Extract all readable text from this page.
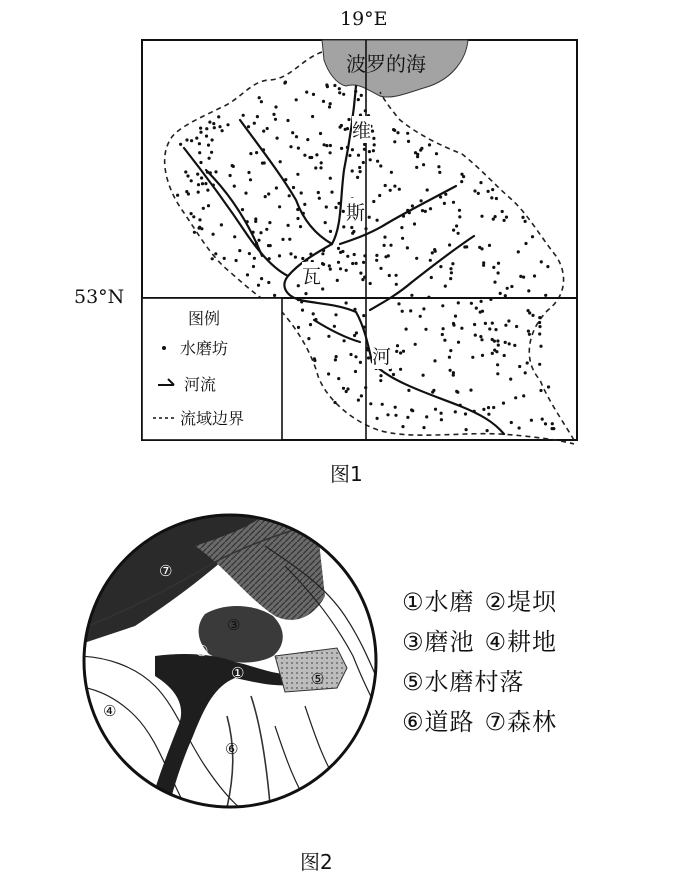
19°E
53°N
波罗的海
维
斯
瓦
河
图例
水磨坊
河流
流域边界
图1
①
②
③
④
⑤
⑥
⑦
①水磨 ②堤坝
③磨池 ④耕地
⑤水磨村落
⑥道路 ⑦森林
图2
